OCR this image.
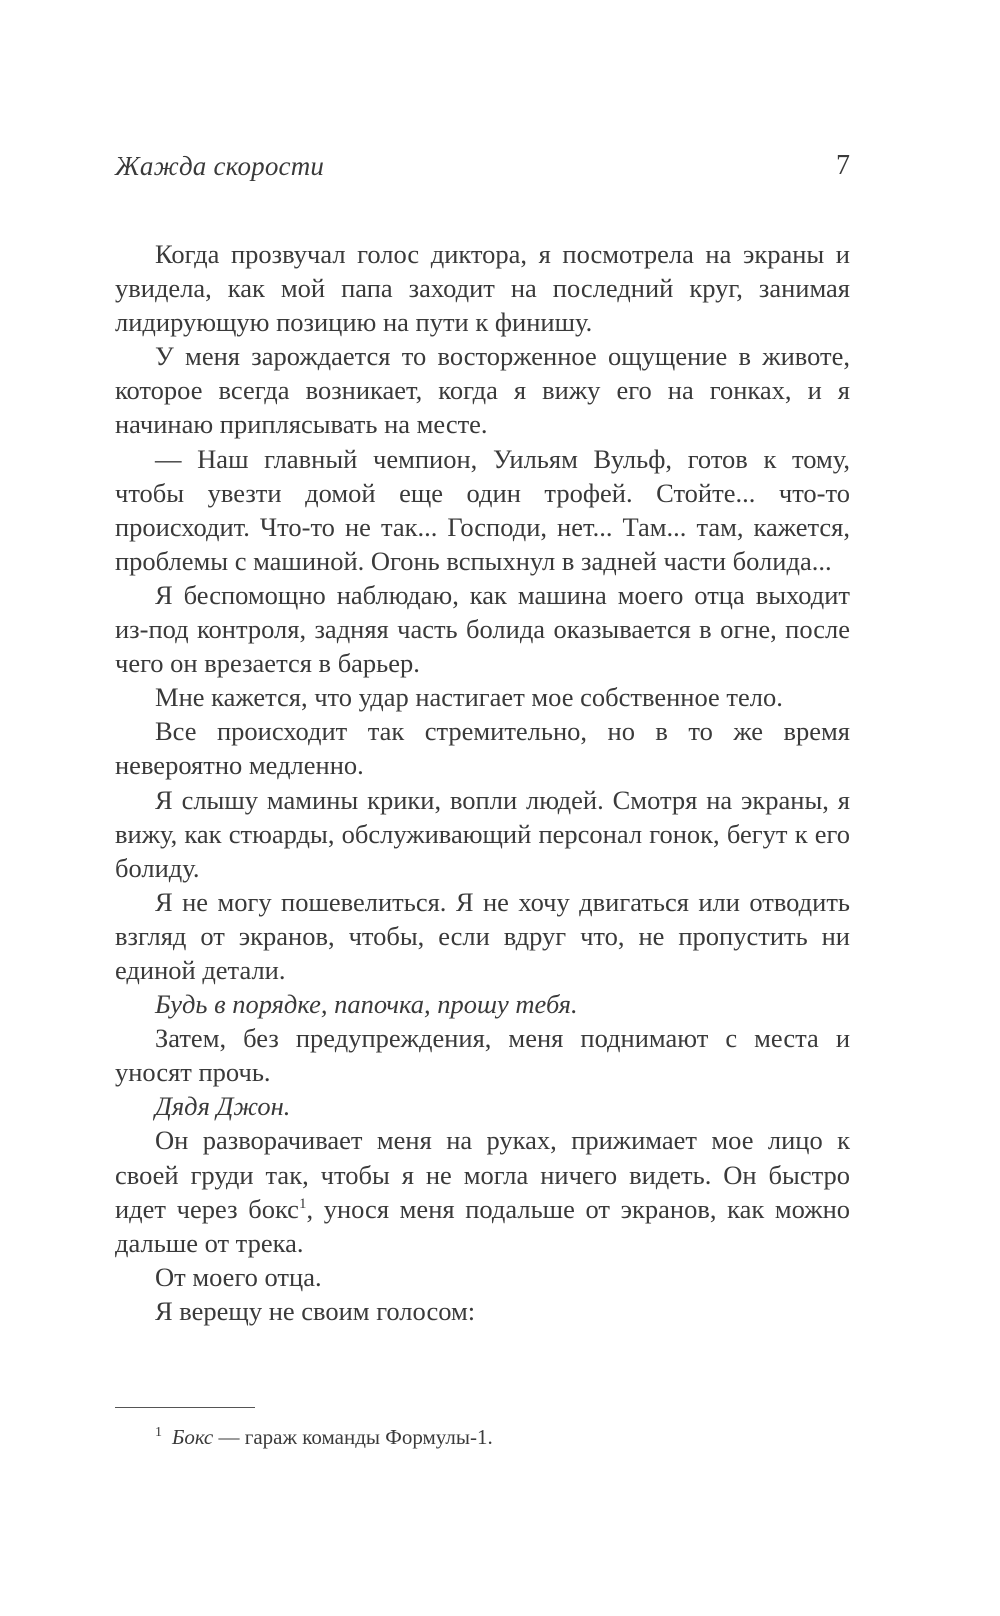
Жажда скорости	7

Когда прозвучал голос диктора, я посмотрела на экраны и увидела, как мой папа заходит на последний круг, занимая лидирующую позицию на пути к финишу.

У меня зарождается то восторженное ощущение в животе, которое всегда возникает, когда я вижу его на гонках, и я начинаю приплясывать на месте.

— Наш главный чемпион, Уильям Вульф, готов к тому, чтобы увезти домой еще один трофей. Стойте... что-то происходит. Что-то не так... Господи, нет... Там... там, кажется, проблемы с машиной. Огонь вспыхнул в задней части болида...

Я беспомощно наблюдаю, как машина моего отца выходит из-под контроля, задняя часть болида оказывается в огне, после чего он врезается в барьер.

Мне кажется, что удар настигает мое собственное тело.

Все происходит так стремительно, но в то же время невероятно медленно.

Я слышу мамины крики, вопли людей. Смотря на экраны, я вижу, как стюарды, обслуживающий персонал гонок, бегут к его болиду.

Я не могу пошевелиться. Я не хочу двигаться или отводить взгляд от экранов, чтобы, если вдруг что, не пропустить ни единой детали.

Будь в порядке, папочка, прошу тебя.

Затем, без предупреждения, меня поднимают с места и уносят прочь.

Дядя Джон.

Он разворачивает меня на руках, прижимает мое лицо к своей груди так, чтобы я не могла ничего видеть. Он быстро идет через бокс$^1$, унося меня подальше от экранов, как можно дальше от трека.

От моего отца.

Я верещу не своим голосом:

$^1$ Бокс — гараж команды Формулы-1.
